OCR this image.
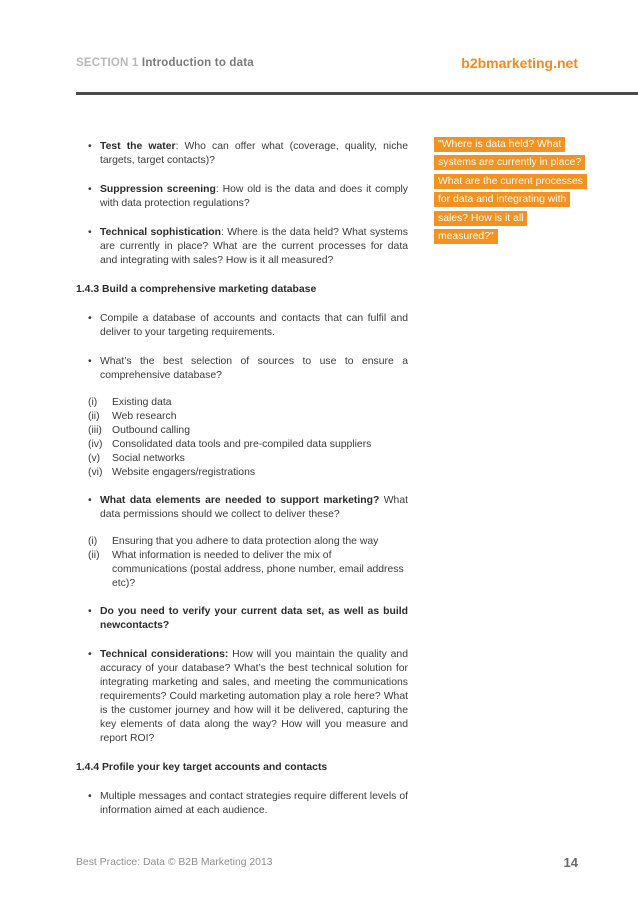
SECTION 1 Introduction to data	b2bmarketing.net
• Test the water: Who can offer what (coverage, quality, niche targets, target contacts)?
• Suppression screening: How old is the data and does it comply with data protection regulations?
• Technical sophistication: Where is the data held? What systems are currently in place? What are the current processes for data and integrating with sales? How is it all measured?
1.4.3 Build a comprehensive marketing database
• Compile a database of accounts and contacts that can fulfil and deliver to your targeting requirements.
• What’s the best selection of sources to use to ensure a comprehensive database?
(i)	Existing data
(ii)	Web research
(iii) Outbound calling
(iv) Consolidated data tools and pre-compiled data suppliers
(v)	Social networks
(vi) Website engagers/registrations
• What data elements are needed to support marketing? What data permissions should we collect to deliver these?
(i)	Ensuring that you adhere to data protection along the way
(ii)	What information is needed to deliver the mix of communications (postal address, phone number, email address etc)?
• Do you need to verify your current data set, as well as build newcontacts?
• Technical considerations: How will you maintain the quality and accuracy of your database? What’s the best technical solution for integrating marketing and sales, and meeting the communications requirements? Could marketing automation play a role here? What is the customer journey and how will it be delivered, capturing the key elements of data along the way? How will you measure and report ROI?
1.4.4 Profile your key target accounts and contacts
• Multiple messages and contact strategies require different levels of information aimed at each audience.
"Where is data held? What systems are currently in place? What are the current processes for data and integrating with sales? How is it all measured?"
Best Practice: Data © B2B Marketing 2013	14
